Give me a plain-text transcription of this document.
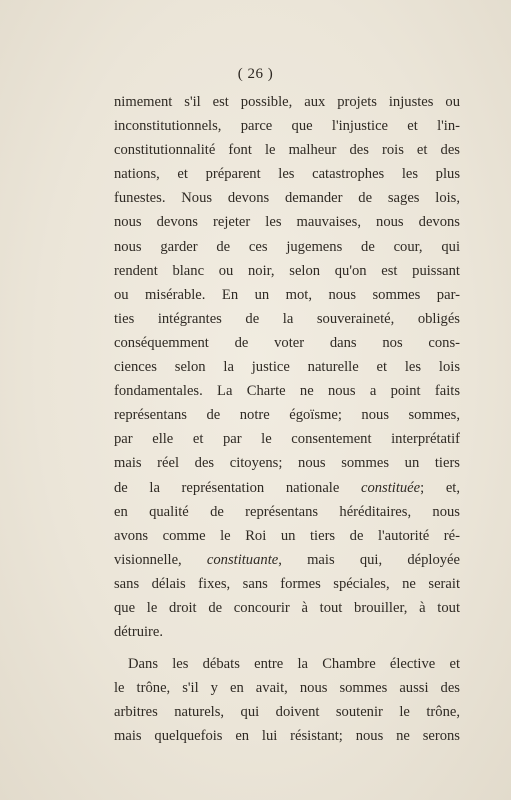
( 26 )
nimement s'il est possible, aux projets injustes ou
inconstitutionnels, parce que l'injustice et l'in-
constitutionnalité font le malheur des rois et des
nations, et préparent les catastrophes les plus
funestes. Nous devons demander de sages lois,
nous devons rejeter les mauvaises, nous devons
nous garder de ces jugemens de cour, qui
rendent blanc ou noir, selon qu'on est puissant
ou misérable. En un mot, nous sommes par-
ties intégrantes de la souveraineté, obligés
conséquemment de voter dans nos cons-
ciences selon la justice naturelle et les lois
fondamentales. La Charte ne nous a point faits
représentans de notre égoïsme; nous sommes,
par elle et par le consentement interprétatif
mais réel des citoyens; nous sommes un tiers
de la représentation nationale constituée; et,
en qualité de représentans héréditaires, nous
avons comme le Roi un tiers de l'autorité ré-
visionnelle, constituante, mais qui, déployée
sans délais fixes, sans formes spéciales, ne serait
que le droit de concourir à tout brouiller, à tout
détruire.
Dans les débats entre la Chambre élective et
le trône, s'il y en avait, nous sommes aussi des
arbitres naturels, qui doivent soutenir le trône,
mais quelquefois en lui résistant; nous ne serons
